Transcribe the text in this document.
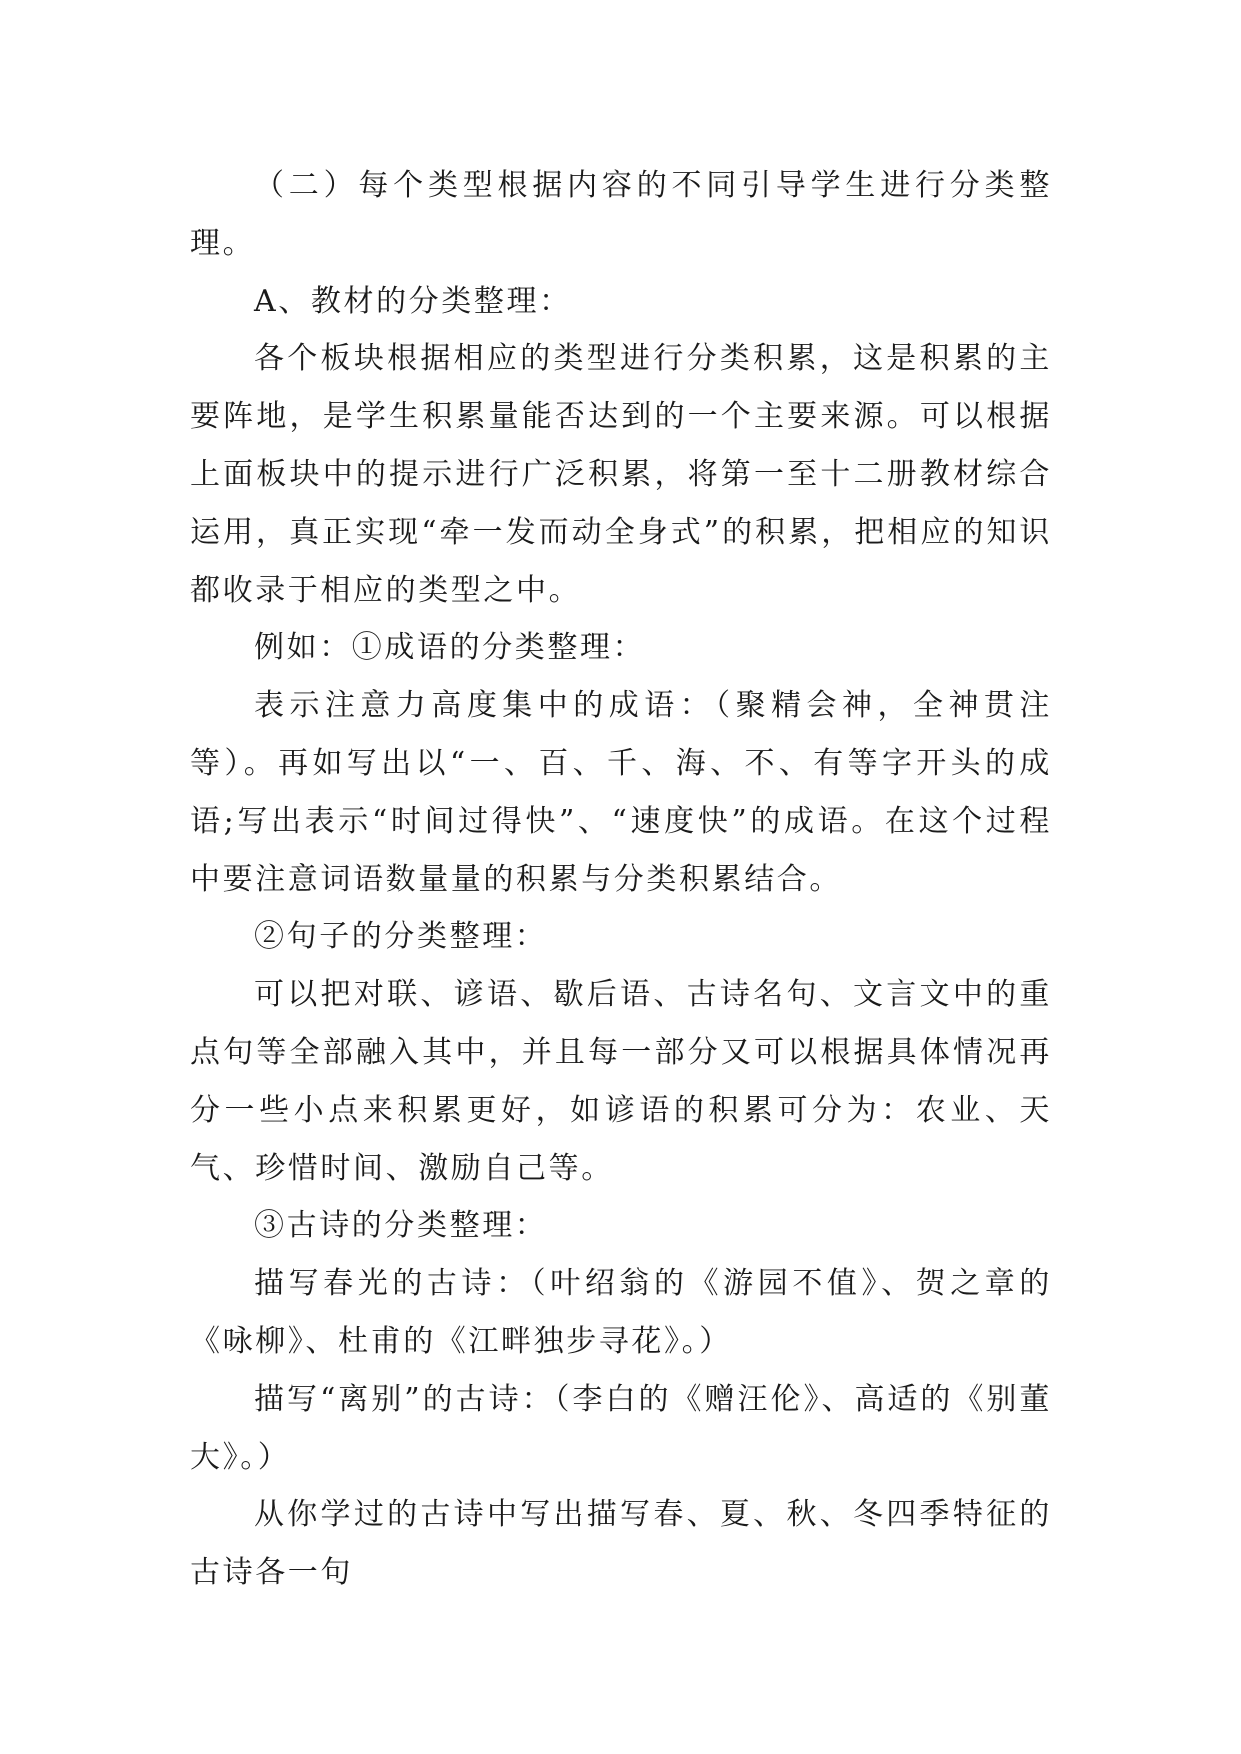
（二）每个类型根据内容的不同引导学生进行分类整理。

A、教材的分类整理：

各个板块根据相应的类型进行分类积累，这是积累的主要阵地，是学生积累量能否达到的一个主要来源。可以根据上面板块中的提示进行广泛积累，将第一至十二册教材综合运用，真正实现“牵一发而动全身式”的积累，把相应的知识都收录于相应的类型之中。

例如：①成语的分类整理：

表示注意力高度集中的成语：（聚精会神，全神贯注等）。再如写出以“一、百、千、海、不、有等字开头的成语;写出表示“时间过得快”、“速度快”的成语。在这个过程中要注意词语数量量的积累与分类积累结合。

②句子的分类整理：

可以把对联、谚语、歇后语、古诗名句、文言文中的重点句等全部融入其中，并且每一部分又可以根据具体情况再分一些小点来积累更好，如谚语的积累可分为：农业、天气、珍惜时间、激励自己等。

③古诗的分类整理：

描写春光的古诗：（叶绍翁的《游园不值》、贺之章的《咏柳》、杜甫的《江畔独步寻花》。）

描写“离别”的古诗：（李白的《赠汪伦》、高适的《别董大》。）

从你学过的古诗中写出描写春、夏、秋、冬四季特征的古诗各一句
